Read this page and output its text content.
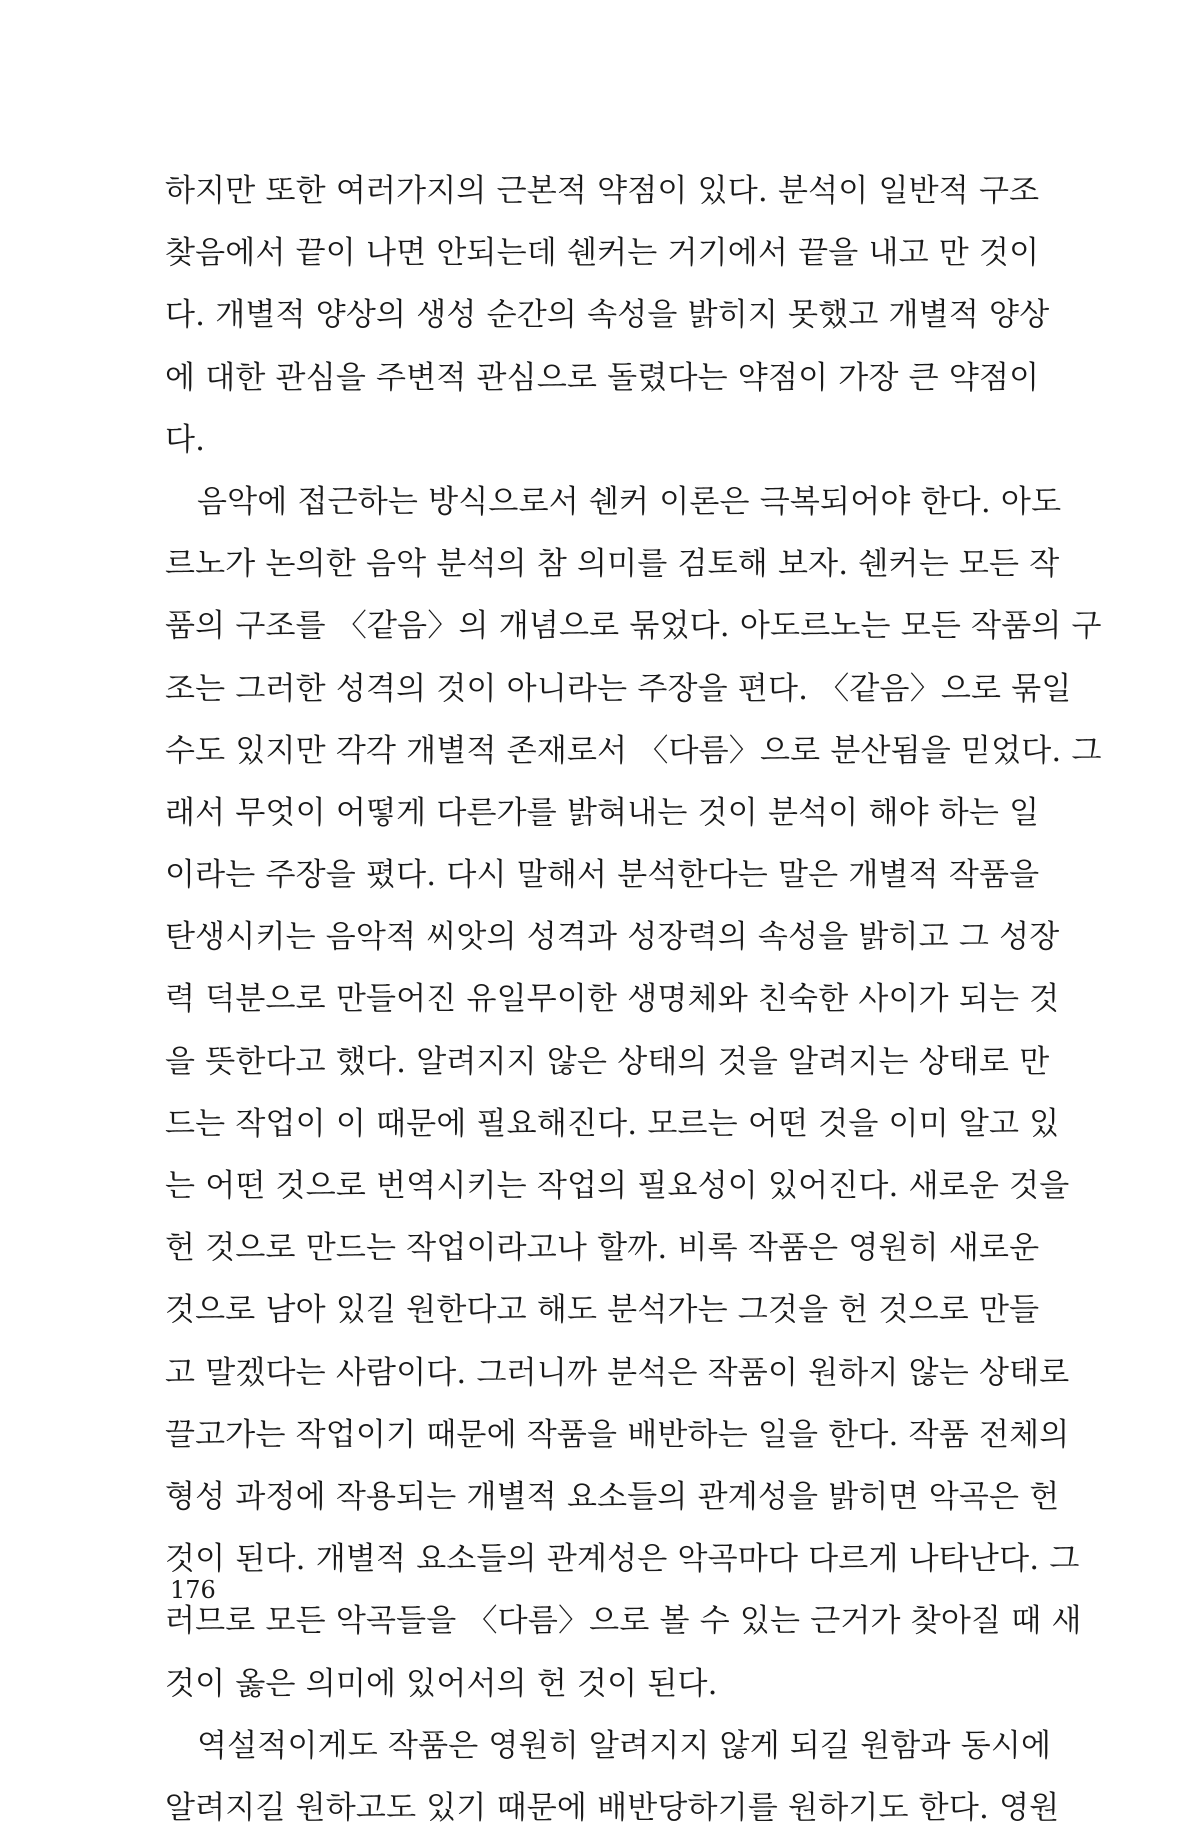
하지만 또한 여러가지의 근본적 약점이 있다. 분석이 일반적 구조
찾음에서 끝이 나면 안되는데 쉔커는 거기에서 끝을 내고 만 것이
다. 개별적 양상의 생성 순간의 속성을 밝히지 못했고 개별적 양상
에 대한 관심을 주변적 관심으로 돌렸다는 약점이 가장 큰 약점이
다.
음악에 접근하는 방식으로서 쉔커 이론은 극복되어야 한다. 아도
르노가 논의한 음악 분석의 참 의미를 검토해 보자. 쉔커는 모든 작
품의 구조를 〈같음〉의 개념으로 묶었다. 아도르노는 모든 작품의 구
조는 그러한 성격의 것이 아니라는 주장을 편다. 〈같음〉으로 묶일
수도 있지만 각각 개별적 존재로서 〈다름〉으로 분산됨을 믿었다. 그
래서 무엇이 어떻게 다른가를 밝혀내는 것이 분석이 해야 하는 일
이라는 주장을 폈다. 다시 말해서 분석한다는 말은 개별적 작품을
탄생시키는 음악적 씨앗의 성격과 성장력의 속성을 밝히고 그 성장
력 덕분으로 만들어진 유일무이한 생명체와 친숙한 사이가 되는 것
을 뜻한다고 했다. 알려지지 않은 상태의 것을 알려지는 상태로 만
드는 작업이 이 때문에 필요해진다. 모르는 어떤 것을 이미 알고 있
는 어떤 것으로 번역시키는 작업의 필요성이 있어진다. 새로운 것을
헌 것으로 만드는 작업이라고나 할까. 비록 작품은 영원히 새로운
것으로 남아 있길 원한다고 해도 분석가는 그것을 헌 것으로 만들
고 말겠다는 사람이다. 그러니까 분석은 작품이 원하지 않는 상태로
끌고가는 작업이기 때문에 작품을 배반하는 일을 한다. 작품 전체의
형성 과정에 작용되는 개별적 요소들의 관계성을 밝히면 악곡은 헌
것이 된다. 개별적 요소들의 관계성은 악곡마다 다르게 나타난다. 그
러므로 모든 악곡들을 〈다름〉으로 볼 수 있는 근거가 찾아질 때 새
것이 옳은 의미에 있어서의 헌 것이 된다.
역설적이게도 작품은 영원히 알려지지 않게 되길 원함과 동시에
알려지길 원하고도 있기 때문에 배반당하기를 원하기도 한다. 영원
176
